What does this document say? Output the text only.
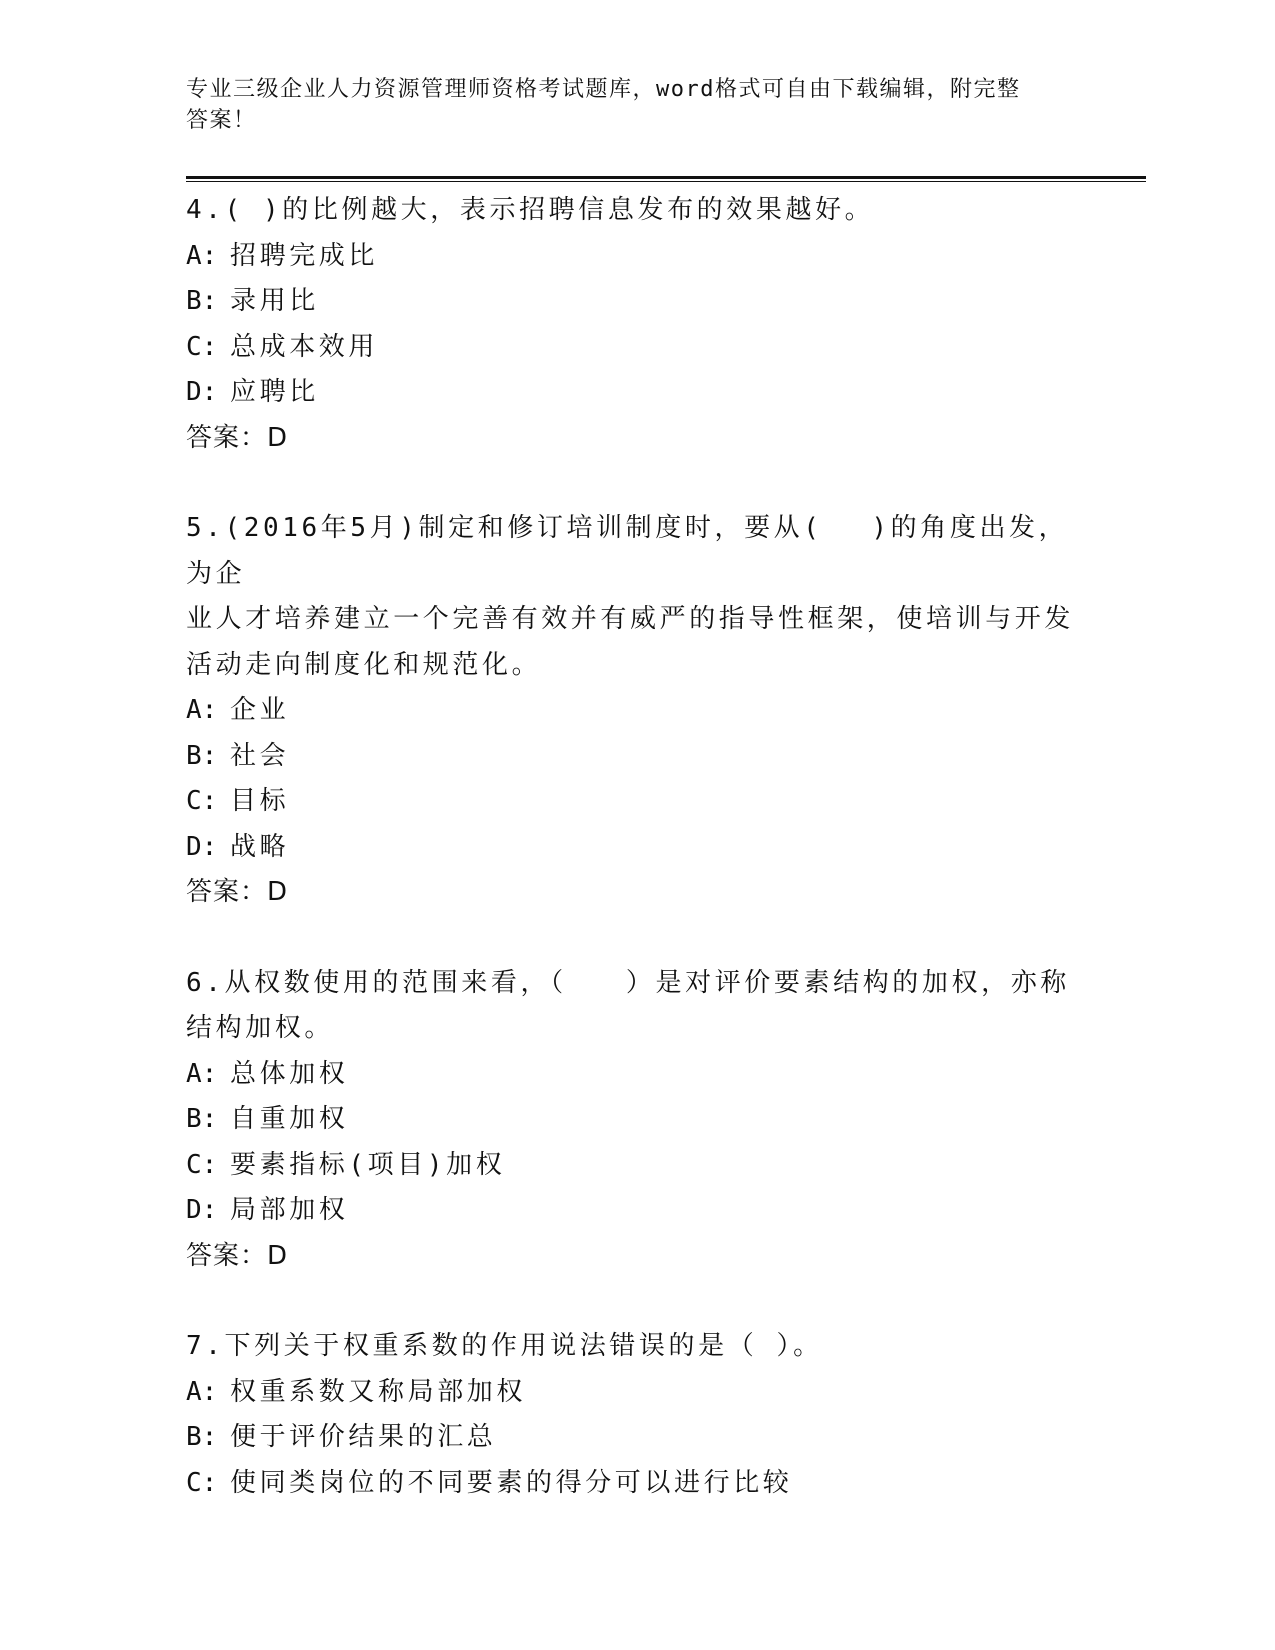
专业三级企业人力资源管理师资格考试题库，word格式可自由下载编辑，附完整
答案！
4.( )的比例越大，表示招聘信息发布的效果越好。
A: 招聘完成比
B: 录用比
C: 总成本效用
D: 应聘比
答案：D
5.(2016年5月)制定和修订培训制度时，要从(　 )的角度出发，为企
业人才培养建立一个完善有效并有威严的指导性框架，使培训与开发
活动走向制度化和规范化。
A: 企业
B: 社会
C: 目标
D: 战略
答案：D
6.从权数使用的范围来看，（　　）是对评价要素结构的加权，亦称
结构加权。
A: 总体加权
B: 自重加权
C: 要素指标(项目)加权
D: 局部加权
答案：D
7.下列关于权重系数的作用说法错误的是（ ）。
A: 权重系数又称局部加权
B: 便于评价结果的汇总
C: 使同类岗位的不同要素的得分可以进行比较
